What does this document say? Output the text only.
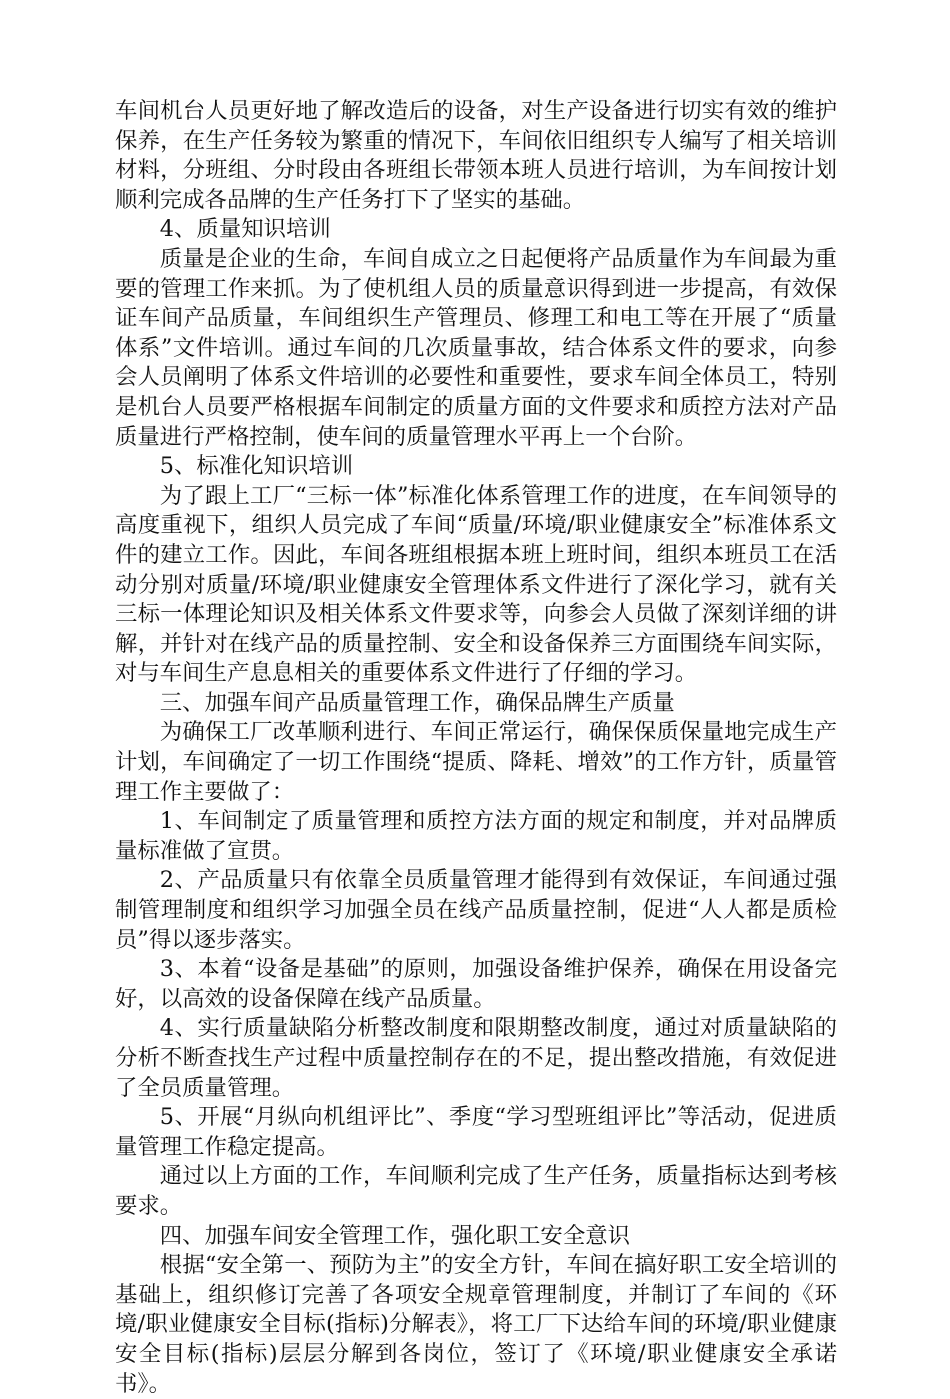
车间机台人员更好地了解改造后的设备，对生产设备进行切实有效的维护保养，在生产任务较为繁重的情况下，车间依旧组织专人编写了相关培训材料，分班组、分时段由各班组长带领本班人员进行培训，为车间按计划顺利完成各品牌的生产任务打下了坚实的基础。

4、质量知识培训

质量是企业的生命，车间自成立之日起便将产品质量作为车间最为重要的管理工作来抓。为了使机组人员的质量意识得到进一步提高，有效保证车间产品质量，车间组织生产管理员、修理工和电工等在开展了“质量体系”文件培训。通过车间的几次质量事故，结合体系文件的要求，向参会人员阐明了体系文件培训的必要性和重要性，要求车间全体员工，特别是机台人员要严格根据车间制定的质量方面的文件要求和质控方法对产品质量进行严格控制，使车间的质量管理水平再上一个台阶。

5、标准化知识培训

为了跟上工厂“三标一体”标准化体系管理工作的进度，在车间领导的高度重视下，组织人员完成了车间“质量/环境/职业健康安全”标准体系文件的建立工作。因此，车间各班组根据本班上班时间，组织本班员工在活动分别对质量/环境/职业健康安全管理体系文件进行了深化学习，就有关三标一体理论知识及相关体系文件要求等，向参会人员做了深刻详细的讲解，并针对在线产品的质量控制、安全和设备保养三方面围绕车间实际，对与车间生产息息相关的重要体系文件进行了仔细的学习。

三、加强车间产品质量管理工作，确保品牌生产质量

为确保工厂改革顺利进行、车间正常运行，确保保质保量地完成生产计划，车间确定了一切工作围绕“提质、降耗、增效”的工作方针，质量管理工作主要做了：

1、车间制定了质量管理和质控方法方面的规定和制度，并对品牌质量标准做了宣贯。

2、产品质量只有依靠全员质量管理才能得到有效保证，车间通过强制管理制度和组织学习加强全员在线产品质量控制，促进“人人都是质检员”得以逐步落实。

3、本着“设备是基础”的原则，加强设备维护保养，确保在用设备完好，以高效的设备保障在线产品质量。

4、实行质量缺陷分析整改制度和限期整改制度，通过对质量缺陷的分析不断查找生产过程中质量控制存在的不足，提出整改措施，有效促进了全员质量管理。

5、开展“月纵向机组评比”、季度“学习型班组评比”等活动，促进质量管理工作稳定提高。

通过以上方面的工作，车间顺利完成了生产任务，质量指标达到考核要求。

四、加强车间安全管理工作，强化职工安全意识

根据“安全第一、预防为主”的安全方针，车间在搞好职工安全培训的基础上，组织修订完善了各项安全规章管理制度，并制订了车间的《环境/职业健康安全目标(指标)分解表》，将工厂下达给车间的环境/职业健康安全目标(指标)层层分解到各岗位，签订了《环境/职业健康安全承诺书》。
